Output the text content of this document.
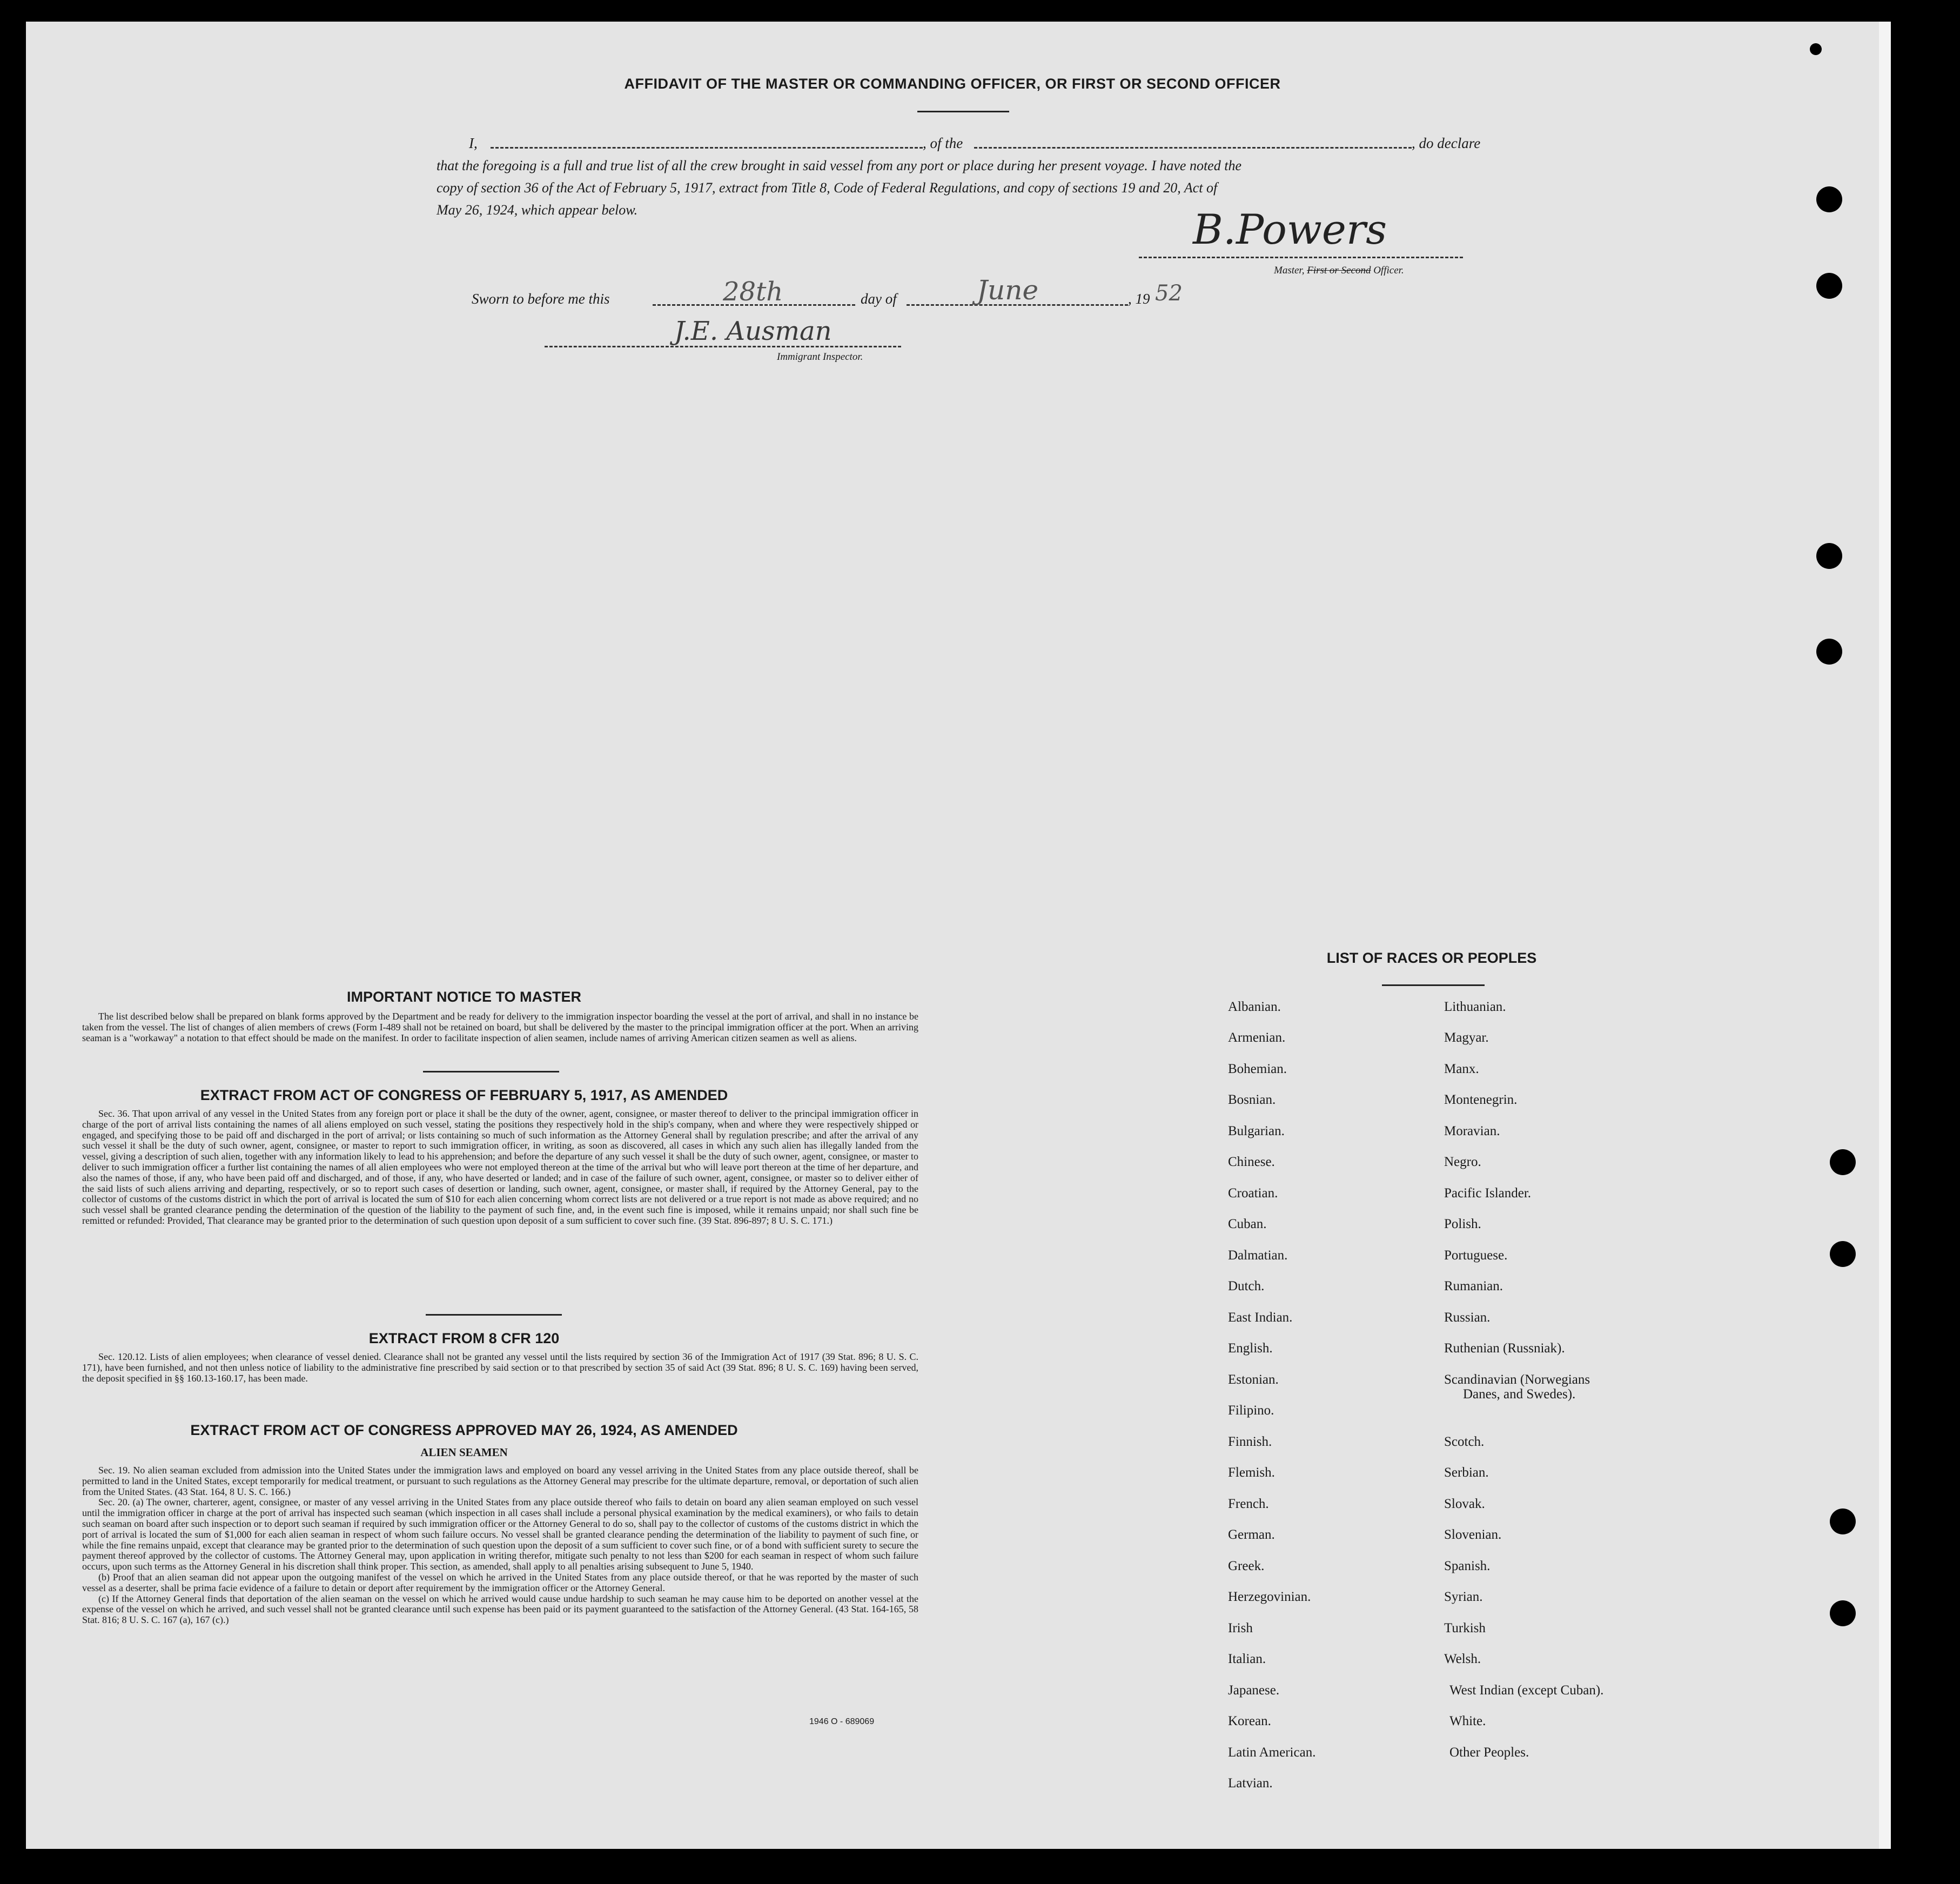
AFFIDAVIT OF THE MASTER OR COMMANDING OFFICER, OR FIRST OR SECOND OFFICER
I,	, of the	, do declare
that the foregoing is a full and true list of all the crew brought in said vessel from any port or place during her present voyage. I have noted the
copy of section 36 of the Act of February 5, 1917, extract from Title 8, Code of Federal Regulations, and copy of sections 19 and 20, Act of
May 26, 1924, which appear below.	B.Powers
Master, First or Second Officer.
Sworn to before me this	28th	day of	June	, 19 52
J.E. Ausman
Immigrant Inspector.
IMPORTANT NOTICE TO MASTER

The list described below shall be prepared on blank forms approved by the Department and be ready for delivery to the immigration inspector boarding the vessel at the port of arrival, and shall in no instance be taken from the vessel. The list of changes of alien members of crews (Form I-489 shall not be retained on board, but shall be delivered by the master to the principal immigration officer at the port. When an arriving seaman is a "workaway" a notation to that effect should be made on the manifest. In order to facilitate inspection of alien seamen, include names of arriving American citizen seamen as well as aliens.

EXTRACT FROM ACT OF CONGRESS OF FEBRUARY 5, 1917, AS AMENDED

Sec. 36. That upon arrival of any vessel in the United States from any foreign port or place it shall be the duty of the owner, agent, consignee, or master thereof to deliver to the principal immigration officer in charge of the port of arrival lists containing the names of all aliens employed on such vessel, stating the positions they respectively hold in the ship's company, when and where they were respectively shipped or engaged, and specifying those to be paid off and discharged in the port of arrival; or lists containing so much of such information as the Attorney General shall by regulation prescribe; and after the arrival of any such vessel it shall be the duty of such owner, agent, consignee, or master to report to such immigration officer, in writing, as soon as discovered, all cases in which any such alien has illegally landed from the vessel, giving a description of such alien, together with any information likely to lead to his apprehension; and before the departure of any such vessel it shall be the duty of such owner, agent, consignee, or master to deliver to such immigration officer a further list containing the names of all alien employees who were not employed thereon at the time of the arrival but who will leave port thereon at the time of her departure, and also the names of those, if any, who have been paid off and discharged, and of those, if any, who have deserted or landed; and in case of the failure of such owner, agent, consignee, or master so to deliver either of the said lists of such aliens arriving and departing, respectively, or so to report such cases of desertion or landing, such owner, agent, consignee, or master shall, if required by the Attorney General, pay to the collector of customs of the customs district in which the port of arrival is located the sum of $10 for each alien concerning whom correct lists are not delivered or a true report is not made as above required; and no such vessel shall be granted clearance pending the determination of the question of the liability to the payment of such fine, and, in the event such fine is imposed, while it remains unpaid; nor shall such fine be remitted or refunded: Provided, That clearance may be granted prior to the determination of such question upon deposit of a sum sufficient to cover such fine. (39 Stat. 896-897; 8 U. S. C. 171.)

EXTRACT FROM 8 CFR 120

Sec. 120.12. Lists of alien employees; when clearance of vessel denied. Clearance shall not be granted any vessel until the lists required by section 36 of the Immigration Act of 1917 (39 Stat. 896; 8 U. S. C. 171), have been furnished, and not then unless notice of liability to the administrative fine prescribed by said section or to that prescribed by section 35 of said Act (39 Stat. 896; 8 U. S. C. 169) having been served, the deposit specified in §§ 160.13-160.17, has been made.

EXTRACT FROM ACT OF CONGRESS APPROVED MAY 26, 1924, AS AMENDED
ALIEN SEAMEN

Sec. 19. No alien seaman excluded from admission into the United States under the immigration laws and employed on board any vessel arriving in the United States from any place outside thereof, shall be permitted to land in the United States, except temporarily for medical treatment, or pursuant to such regulations as the Attorney General may prescribe for the ultimate departure, removal, or deportation of such alien from the United States. (43 Stat. 164, 8 U. S. C. 166.)

Sec. 20. (a) The owner, charterer, agent, consignee, or master of any vessel arriving in the United States from any place outside thereof who fails to detain on board any alien seaman employed on such vessel until the immigration officer in charge at the port of arrival has inspected such seaman (which inspection in all cases shall include a personal physical examination by the medical examiners), or who fails to detain such seaman on board after such inspection or to deport such seaman if required by such immigration officer or the Attorney General to do so, shall pay to the collector of customs of the customs district in which the port of arrival is located the sum of $1,000 for each alien seaman in respect of whom such failure occurs. No vessel shall be granted clearance pending the determination of the liability to payment of such fine, or while the fine remains unpaid, except that clearance may be granted prior to the determination of such question upon the deposit of a sum sufficient to cover such fine, or of a bond with sufficient surety to secure the payment thereof approved by the collector of customs. The Attorney General may, upon application in writing therefor, mitigate such penalty to not less than $200 for each seaman in respect of whom such failure occurs, upon such terms as the Attorney General in his discretion shall think proper. This section, as amended, shall apply to all penalties arising subsequent to June 5, 1940.

(b) Proof that an alien seaman did not appear upon the outgoing manifest of the vessel on which he arrived in the United States from any place outside thereof, or that he was reported by the master of such vessel as a deserter, shall be prima facie evidence of a failure to detain or deport after requirement by the immigration officer or the Attorney General.

(c) If the Attorney General finds that deportation of the alien seaman on the vessel on which he arrived would cause undue hardship to such seaman he may cause him to be deported on another vessel at the expense of the vessel on which he arrived, and such vessel shall not be granted clearance until such expense has been paid or its payment guaranteed to the satisfaction of the Attorney General. (43 Stat. 164-165, 58 Stat. 816; 8 U. S. C. 167 (a), 167 (c).)

1946 O - 689069
LIST OF RACES OR PEOPLES
Albanian.
Armenian.
Bohemian.
Bosnian.
Bulgarian.
Chinese.
Croatian.
Cuban.
Dalmatian.
Dutch.
East Indian.
English.
Estonian.
Filipino.
Finnish.
Flemish.
French.
German.
Greek.
Herzegovinian.
Irish
Italian.
Japanese.
Korean.
Latin American.
Latvian.
Lithuanian.
Magyar.
Manx.
Montenegrin.
Moravian.
Negro.
Pacific Islander.
Polish.
Portuguese.
Rumanian.
Russian.
Ruthenian (Russniak).
Scandinavian (Norwegians
Danes, and Swedes).
Scotch.
Serbian.
Slovak.
Slovenian.
Spanish.
Syrian.
Turkish
Welsh.
West Indian (except Cuban).
White.
Other Peoples.
